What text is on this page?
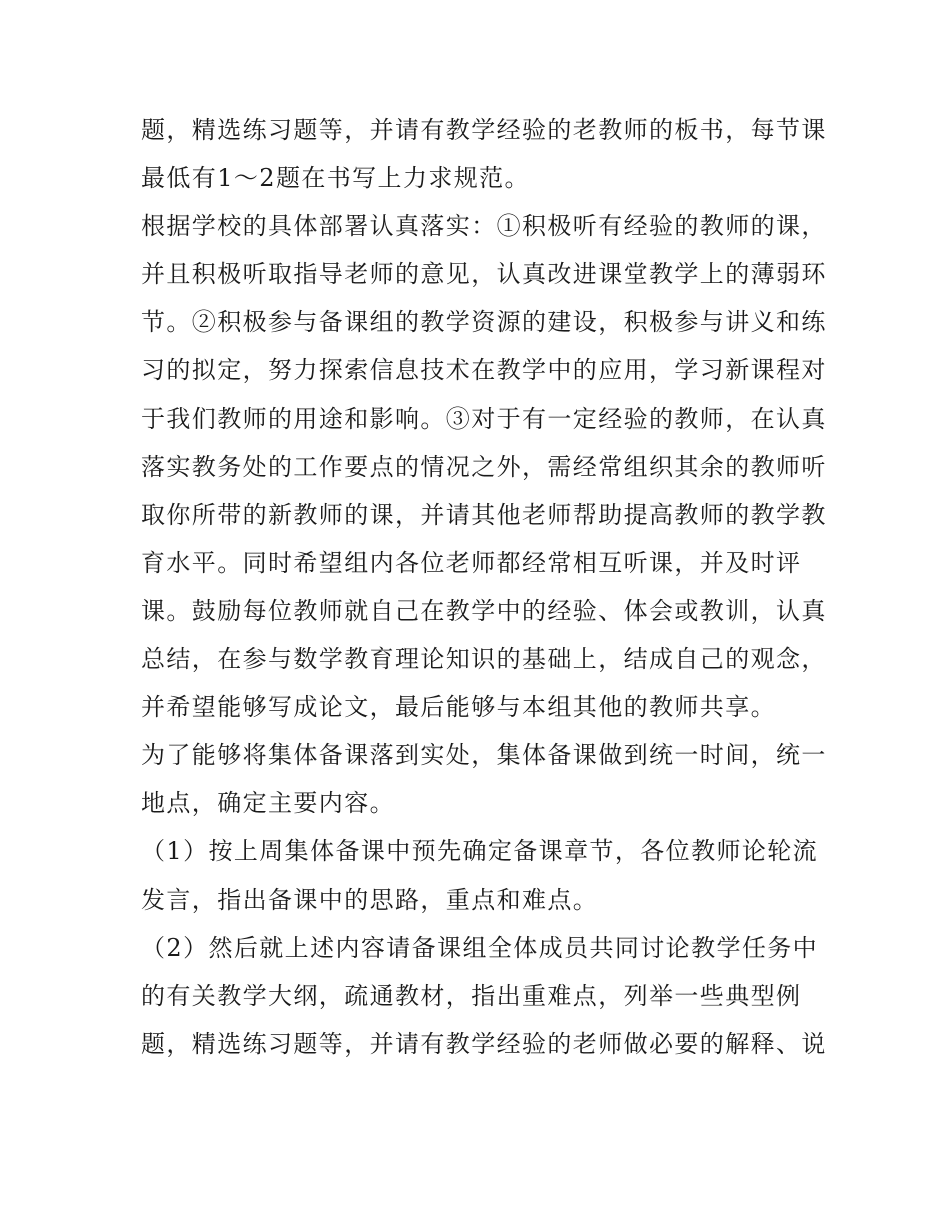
题，精选练习题等，并请有教学经验的老教师的板书，每节课
最低有1～2题在书写上力求规范。
根据学校的具体部署认真落实：①积极听有经验的教师的课，
并且积极听取指导老师的意见，认真改进课堂教学上的薄弱环
节。②积极参与备课组的教学资源的建设，积极参与讲义和练
习的拟定，努力探索信息技术在教学中的应用，学习新课程对
于我们教师的用途和影响。③对于有一定经验的教师，在认真
落实教务处的工作要点的情况之外，需经常组织其余的教师听
取你所带的新教师的课，并请其他老师帮助提高教师的教学教
育水平。同时希望组内各位老师都经常相互听课，并及时评
课。鼓励每位教师就自己在教学中的经验、体会或教训，认真
总结，在参与数学教育理论知识的基础上，结成自己的观念，
并希望能够写成论文，最后能够与本组其他的教师共享。
为了能够将集体备课落到实处，集体备课做到统一时间，统一
地点，确定主要内容。
（1）按上周集体备课中预先确定备课章节，各位教师论轮流
发言，指出备课中的思路，重点和难点。
（2）然后就上述内容请备课组全体成员共同讨论教学任务中
的有关教学大纲，疏通教材，指出重难点，列举一些典型例
题，精选练习题等，并请有教学经验的老师做必要的解释、说
